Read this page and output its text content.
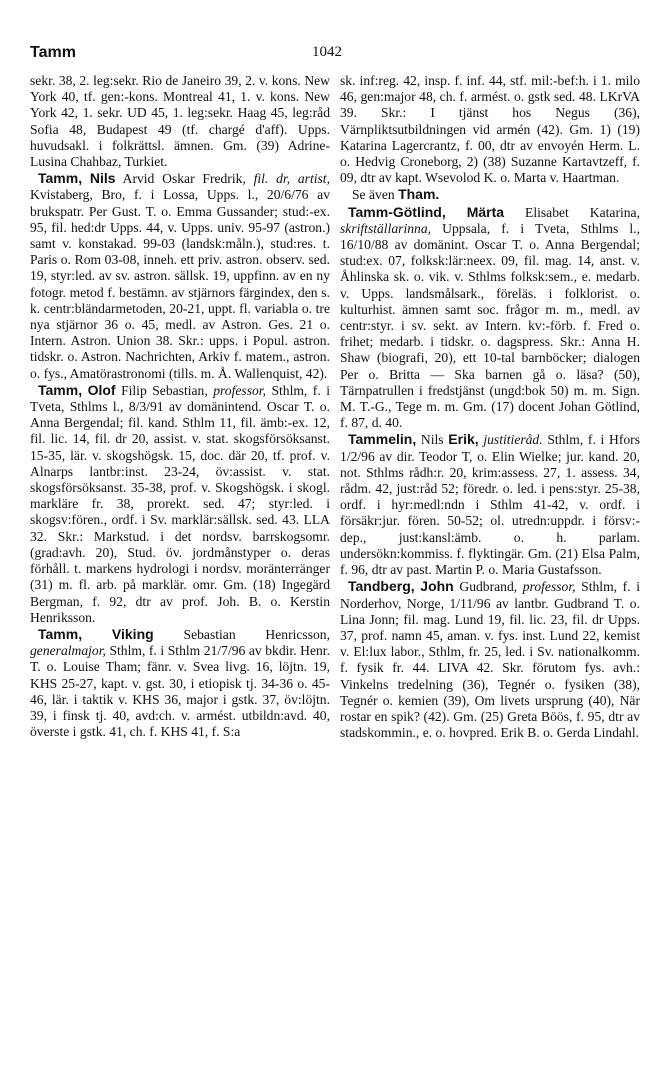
Tamm	1042

sekr. 38, 2. leg:sekr. Rio de Janeiro 39, 2. v. kons. New York 40, tf. gen:-kons. Montreal 41, 1. v. kons. New York 42, 1. sekr. UD 45, 1. leg:sekr. Haag 45, leg:råd Sofia 48, Budapest 49 (tf. chargé d'aff). Upps. huvudsakl. i folkrättsl. ämnen. Gm. (39) Adrine-Lusina Chahbaz, Turkiet.

Tamm, Nils Arvid Oskar Fredrik, fil. dr, artist, Kvistaberg, Bro, f. i Lossa, Upps. l., 20/6/76 av brukspatr. Per Gust. T. o. Emma Gussander; stud:-ex. 95, fil. hed:dr Upps. 44, v. Upps. univ. 95-97 (astron.) samt v. konstakad. 99-03 (landsk:måln.), stud:res. t. Paris o. Rom 03-08, inneh. ett priv. astron. observ. sed. 19, styr:led. av sv. astron. sällsk. 19, uppfinn. av en ny fotogr. metod f. bestämn. av stjärnors färgindex, den s. k. centr:bländarmetoden, 20-21, uppt. fl. variabla o. tre nya stjärnor 36 o. 45, medl. av Astron. Ges. 21 o. Intern. Astron. Union 38. Skr.: upps. i Popul. astron. tidskr. o. Astron. Nachrichten, Arkiv f. matem., astron. o. fys., Amatörastronomi (tills. m. Å. Wallenquist, 42).

Tamm, Olof Filip Sebastian, professor, Sthlm, f. i Tveta, Sthlms l., 8/3/91 av domänintend. Oscar T. o. Anna Bergendal; fil. kand. Sthlm 11, fil. ämb:-ex. 12, fil. lic. 14, fil. dr 20, assist. v. stat. skogsförsöksanst. 15-35, lär. v. skogshögsk. 15, doc. där 20, tf. prof. v. Alnarps lantbr:inst. 23-24, öv:assist. v. stat. skogsförsöksanst. 35-38, prof. v. Skogshögsk. i skogl. markläre fr. 38, prorekt. sed. 47; styr:led. i skogsv:fören., ordf. i Sv. marklär:sällsk. sed. 43. LLA 32. Skr.: Markstud. i det nordsv. barrskogsomr. (grad:avh. 20), Stud. öv. jordmånstyper o. deras förhåll. t. markens hydrologi i nordsv. moränterränger (31) m. fl. arb. på marklär. omr. Gm. (18) Ingegärd Bergman, f. 92, dtr av prof. Joh. B. o. Kerstin Henriksson.

Tamm, Viking Sebastian Henricsson, generalmajor, Sthlm, f. i Sthlm 21/7/96 av bkdir. Henr. T. o. Louise Tham; fänr. v. Svea livg. 16, löjtn. 19, KHS 25-27, kapt. v. gst. 30, i etiopisk tj. 34-36 o. 45-46, lär. i taktik v. KHS 36, major i gstk. 37, öv:löjtn. 39, i finsk tj. 40, avd:ch. v. armést. utbildn:avd. 40, överste i gstk. 41, ch. f. KHS 41, f. S:a

sk. inf:reg. 42, insp. f. inf. 44, stf. mil:-bef:h. i 1. milo 46, gen:major 48, ch. f. armést. o. gstk sed. 48. LKrVA 39. Skr.: I tjänst hos Negus (36), Värnpliktsutbildningen vid armén (42). Gm. 1) (19) Katarina Lagercrantz, f. 00, dtr av envoyén Herm. L. o. Hedvig Croneborg, 2) (38) Suzanne Kartavtzeff, f. 09, dtr av kapt. Wsevolod K. o. Marta v. Haartman.

Se även Tham.

Tamm-Götlind, Märta Elisabet Katarina, skriftställarinna, Uppsala, f. i Tveta, Sthlms l., 16/10/88 av domänint. Oscar T. o. Anna Bergendal; stud:ex. 07, folksk:lär:neex. 09, fil. mag. 14, anst. v. Åhlinska sk. o. vik. v. Sthlms folksk:sem., e. medarb. v. Upps. landsmålsark., föreläs. i folklorist. o. kulturhist. ämnen samt soc. frågor m. m., medl. av centr:styr. i sv. sekt. av Intern. kv:-förb. f. Fred o. frihet; medarb. i tidskr. o. dagspress. Skr.: Anna H. Shaw (biografi, 20), ett 10-tal barnböcker; dialogen Per o. Britta — Ska barnen gå o. läsa? (50), Tärnpatrullen i fredstjänst (ungd:bok 50) m. m. Sign. M. T.-G., Tege m. m. Gm. (17) docent Johan Götlind, f. 87, d. 40.

Tammelin, Nils Erik, justitieråd. Sthlm, f. i Hfors 1/2/96 av dir. Teodor T, o. Elin Wielke; jur. kand. 20, not. Sthlms rådh:r. 20, krim:assess. 27, 1. assess. 34, rådm. 42, just:råd 52; föredr. o. led. i pens:styr. 25-38, ordf. i hyr:medl:ndn i Sthlm 41-42, v. ordf. i försäkr:jur. fören. 50-52; ol. utredn:uppdr. i försv:-dep., just:kansl:ämb. o. h. parlam. undersökn:kommiss. f. flyktingär. Gm. (21) Elsa Palm, f. 96, dtr av past. Martin P. o. Maria Gustafsson.

Tandberg, John Gudbrand, professor, Sthlm, f. i Norderhov, Norge, 1/11/96 av lantbr. Gudbrand T. o. Lina Jonn; fil. mag. Lund 19, fil. lic. 23, fil. dr Upps. 37, prof. namn 45, aman. v. fys. inst. Lund 22, kemist v. El:lux labor., Sthlm, fr. 25, led. i Sv. nationalkomm. f. fysik fr. 44. LIVA 42. Skr. förutom fys. avh.: Vinkelns tredelning (36), Tegnér o. fysiken (38), Tegnér o. kemien (39), Om livets ursprung (40), När rostar en spik? (42). Gm. (25) Greta Böös, f. 95, dtr av stadskommin., e. o. hovpred. Erik B. o. Gerda Lindahl.
